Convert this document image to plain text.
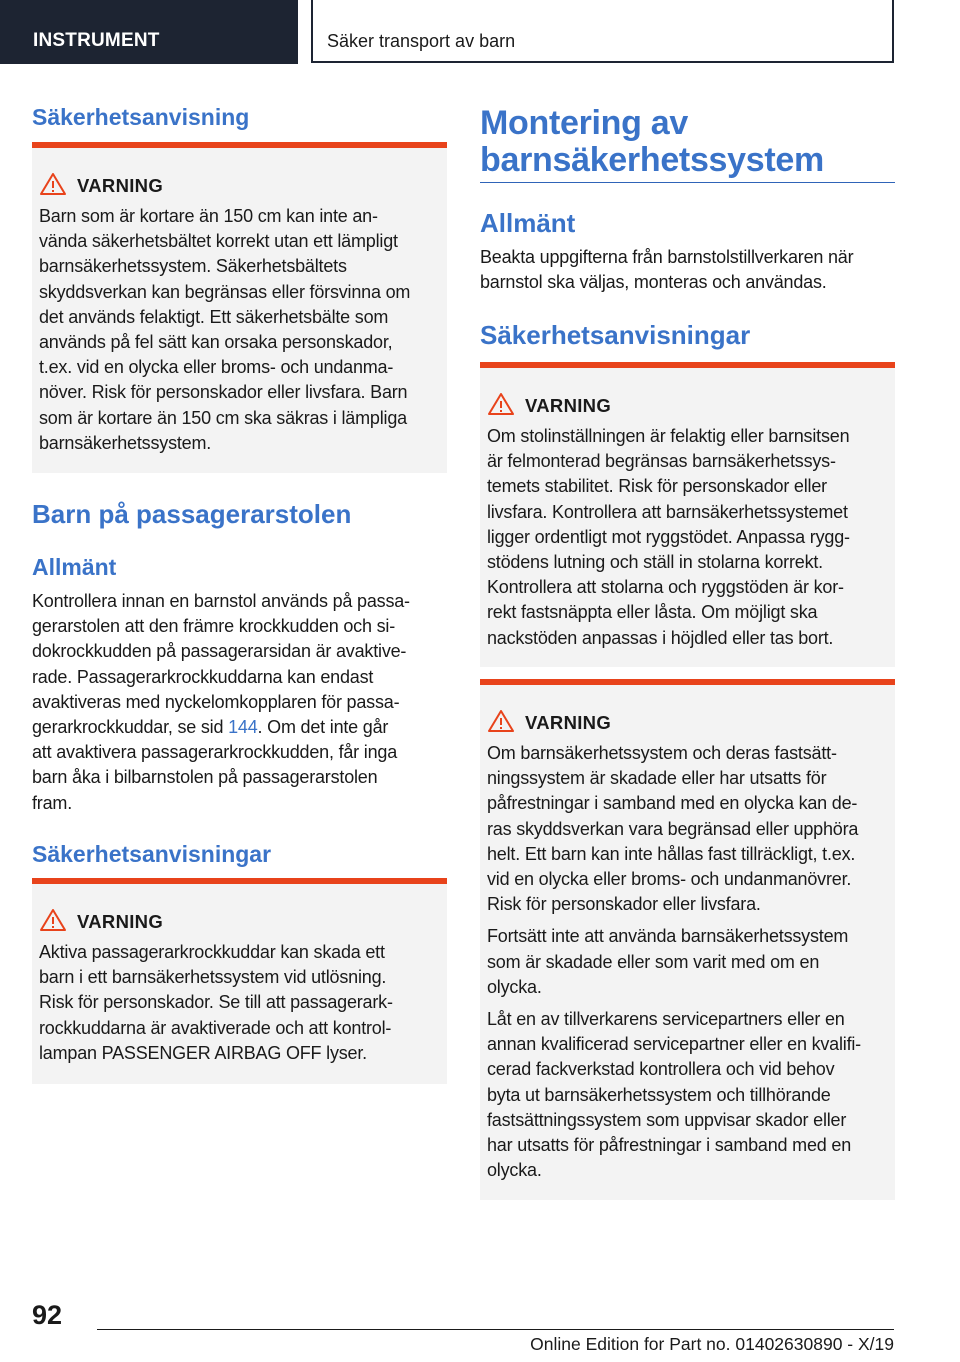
INSTRUMENT	Säker transport av barn
Säkerhetsanvisning
VARNING
Barn som är kortare än 150 cm kan inte an-
vända säkerhetsbältet korrekt utan ett lämpligt
barnsäkerhetssystem. Säkerhetsbältets
skyddsverkan kan begränsas eller försvinna om
det används felaktigt. Ett säkerhetsbälte som
används på fel sätt kan orsaka personskador,
t.ex. vid en olycka eller broms- och undanma-
növer. Risk för personskador eller livsfara. Barn
som är kortare än 150 cm ska säkras i lämpliga
barnsäkerhetssystem.
Barn på passagerarstolen
Allmänt
Kontrollera innan en barnstol används på passa-
gerarstolen att den främre krockkudden och si-
dokrockkudden på passagerarsidan är avaktive-
rade. Passagerarkrockkuddarna kan endast
avaktiveras med nyckelomkopplaren för passa-
gerarkrockkuddar, se sid 144. Om det inte går
att avaktivera passagerarkrockkudden, får inga
barn åka i bilbarnstolen på passagerarstolen
fram.
Säkerhetsanvisningar
VARNING
Aktiva passagerarkrockkuddar kan skada ett
barn i ett barnsäkerhetssystem vid utlösning.
Risk för personskador. Se till att passagerark-
rockkuddarna är avaktiverade och att kontrol-
lampan PASSENGER AIRBAG OFF lyser.
Montering av
barnsäkerhetssystem
Allmänt
Beakta uppgifterna från barnstolstillverkaren när
barnstol ska väljas, monteras och användas.
Säkerhetsanvisningar
VARNING
Om stolinställningen är felaktig eller barnsitsen
är felmonterad begränsas barnsäkerhetssys-
temets stabilitet. Risk för personskador eller
livsfara. Kontrollera att barnsäkerhetssystemet
ligger ordentligt mot ryggstödet. Anpassa rygg-
stödens lutning och ställ in stolarna korrekt.
Kontrollera att stolarna och ryggstöden är kor-
rekt fastsnäppta eller låsta. Om möjligt ska
nackstöden anpassas i höjdled eller tas bort.
VARNING
Om barnsäkerhetssystem och deras fastsätt-
ningssystem är skadade eller har utsatts för
påfrestningar i samband med en olycka kan de-
ras skyddsverkan vara begränsad eller upphöra
helt. Ett barn kan inte hållas fast tillräckligt, t.ex.
vid en olycka eller broms- och undanmanövrer.
Risk för personskador eller livsfara.
Fortsätt inte att använda barnsäkerhetssystem
som är skadade eller som varit med om en
olycka.
Låt en av tillverkarens servicepartners eller en
annan kvalificerad servicepartner eller en kvalifi-
cerad fackverkstad kontrollera och vid behov
byta ut barnsäkerhetssystem och tillhörande
fastsättningssystem som uppvisar skador eller
har utsatts för påfrestningar i samband med en
olycka.
92
Online Edition for Part no. 01402630890 - X/19
